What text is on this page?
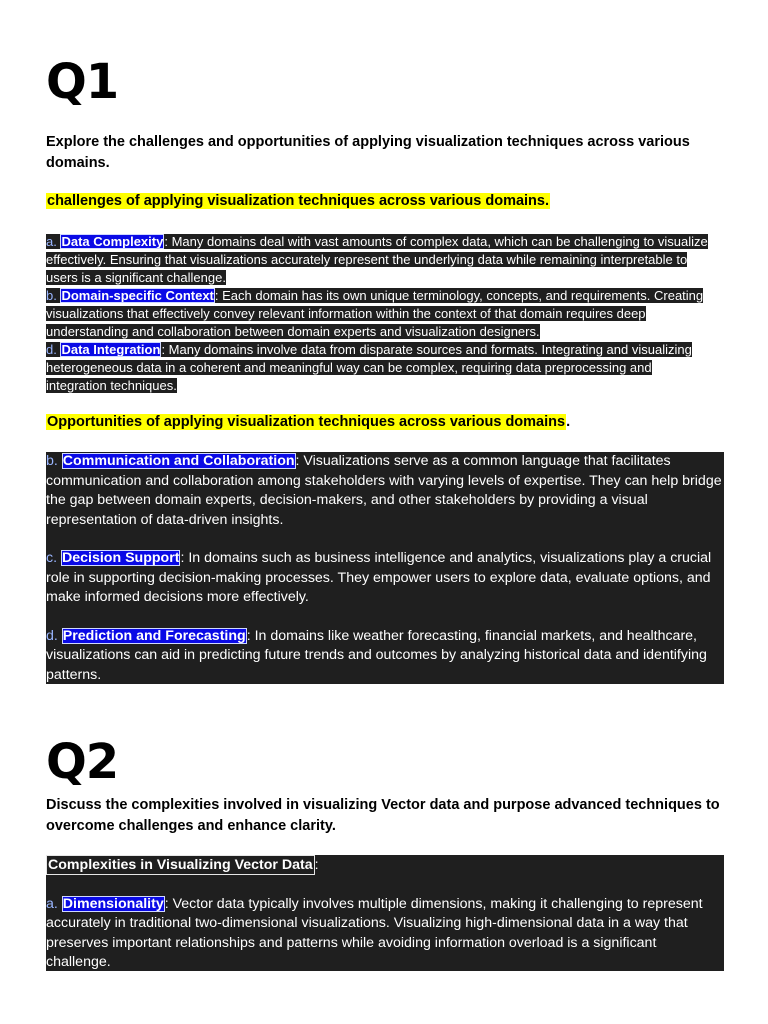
Q1

Explore the challenges and opportunities of applying visualization techniques across various domains.

challenges of applying visualization techniques across various domains.

a. Data Complexity: Many domains deal with vast amounts of complex data, which can be challenging to visualize effectively. Ensuring that visualizations accurately represent the underlying data while remaining interpretable to users is a significant challenge.
b. Domain-specific Context: Each domain has its own unique terminology, concepts, and requirements. Creating visualizations that effectively convey relevant information within the context of that domain requires deep understanding and collaboration between domain experts and visualization designers.
d. Data Integration: Many domains involve data from disparate sources and formats. Integrating and visualizing heterogeneous data in a coherent and meaningful way can be complex, requiring data preprocessing and integration techniques.

Opportunities of applying visualization techniques across various domains.

b. Communication and Collaboration: Visualizations serve as a common language that facilitates communication and collaboration among stakeholders with varying levels of expertise. They can help bridge the gap between domain experts, decision-makers, and other stakeholders by providing a visual representation of data-driven insights.

c. Decision Support: In domains such as business intelligence and analytics, visualizations play a crucial role in supporting decision-making processes. They empower users to explore data, evaluate options, and make informed decisions more effectively.

d. Prediction and Forecasting: In domains like weather forecasting, financial markets, and healthcare, visualizations can aid in predicting future trends and outcomes by analyzing historical data and identifying patterns.

Q2

Discuss the complexities involved in visualizing Vector data and purpose advanced techniques to overcome challenges and enhance clarity.

Complexities in Visualizing Vector Data :

a. Dimensionality: Vector data typically involves multiple dimensions, making it challenging to represent accurately in traditional two-dimensional visualizations. Visualizing high-dimensional data in a way that preserves important relationships and patterns while avoiding information overload is a significant challenge.
